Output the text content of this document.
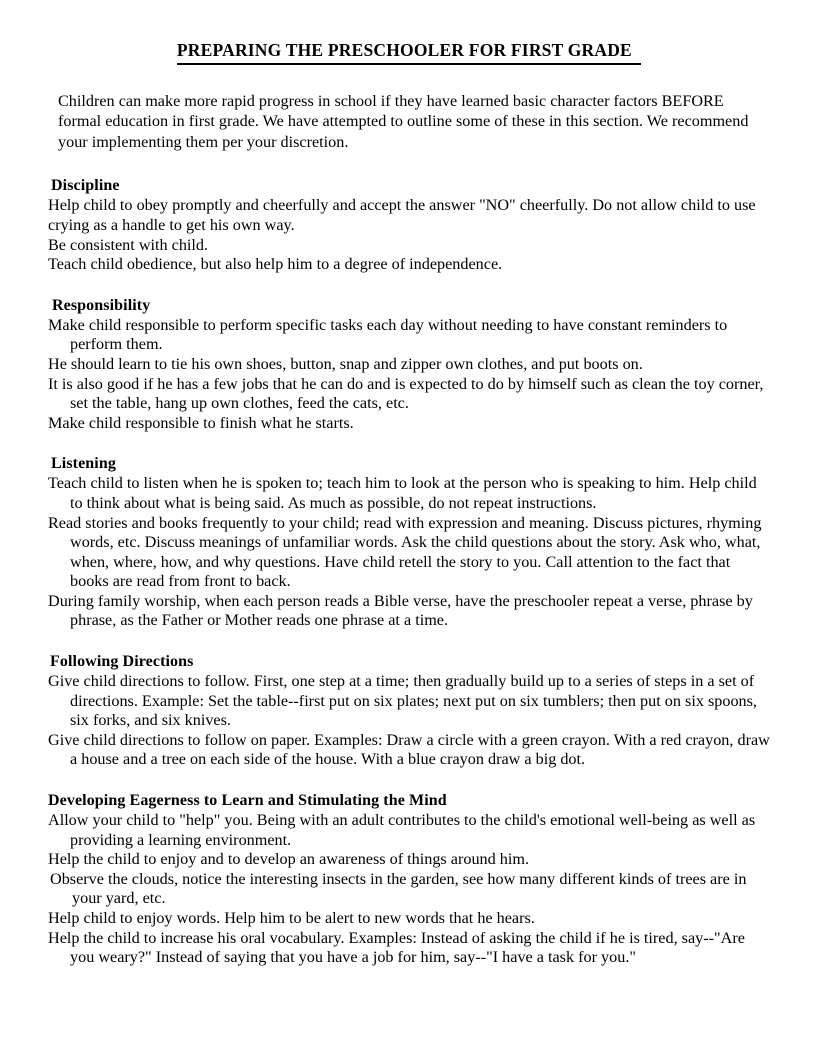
PREPARING THE PRESCHOOLER FOR FIRST GRADE

Children can make more rapid progress in school if they have learned basic character factors BEFORE formal education in first grade. We have attempted to outline some of these in this section. We recommend your implementing them per your discretion.

Discipline

Help child to obey promptly and cheerfully and accept the answer "NO" cheerfully. Do not allow child to use crying as a handle to get his own way.

Be consistent with child.

Teach child obedience, but also help him to a degree of independence.

Responsibility

Make child responsible to perform specific tasks each day without needing to have constant reminders to perform them.

He should learn to tie his own shoes, button, snap and zipper own clothes, and put boots on.

It is also good if he has a few jobs that he can do and is expected to do by himself such as clean the toy corner, set the table, hang up own clothes, feed the cats, etc.

Make child responsible to finish what he starts.

Listening

Teach child to listen when he is spoken to; teach him to look at the person who is speaking to him. Help child to think about what is being said. As much as possible, do not repeat instructions.

Read stories and books frequently to your child; read with expression and meaning. Discuss pictures, rhyming words, etc. Discuss meanings of unfamiliar words. Ask the child questions about the story. Ask who, what, when, where, how, and why questions. Have child retell the story to you. Call attention to the fact that books are read from front to back.

During family worship, when each person reads a Bible verse, have the preschooler repeat a verse, phrase by phrase, as the Father or Mother reads one phrase at a time.

Following Directions

Give child directions to follow. First, one step at a time; then gradually build up to a series of steps in a set of directions. Example: Set the table--first put on six plates; next put on six tumblers; then put on six spoons, six forks, and six knives.

Give child directions to follow on paper. Examples: Draw a circle with a green crayon. With a red crayon, draw a house and a tree on each side of the house. With a blue crayon draw a big dot.

Developing Eagerness to Learn and Stimulating the Mind

Allow your child to "help" you. Being with an adult contributes to the child's emotional well-being as well as providing a learning environment.

Help the child to enjoy and to develop an awareness of things around him.

Observe the clouds, notice the interesting insects in the garden, see how many different kinds of trees are in your yard, etc.

Help child to enjoy words. Help him to be alert to new words that he hears.

Help the child to increase his oral vocabulary. Examples: Instead of asking the child if he is tired, say--"Are you weary?" Instead of saying that you have a job for him, say--"I have a task for you."
